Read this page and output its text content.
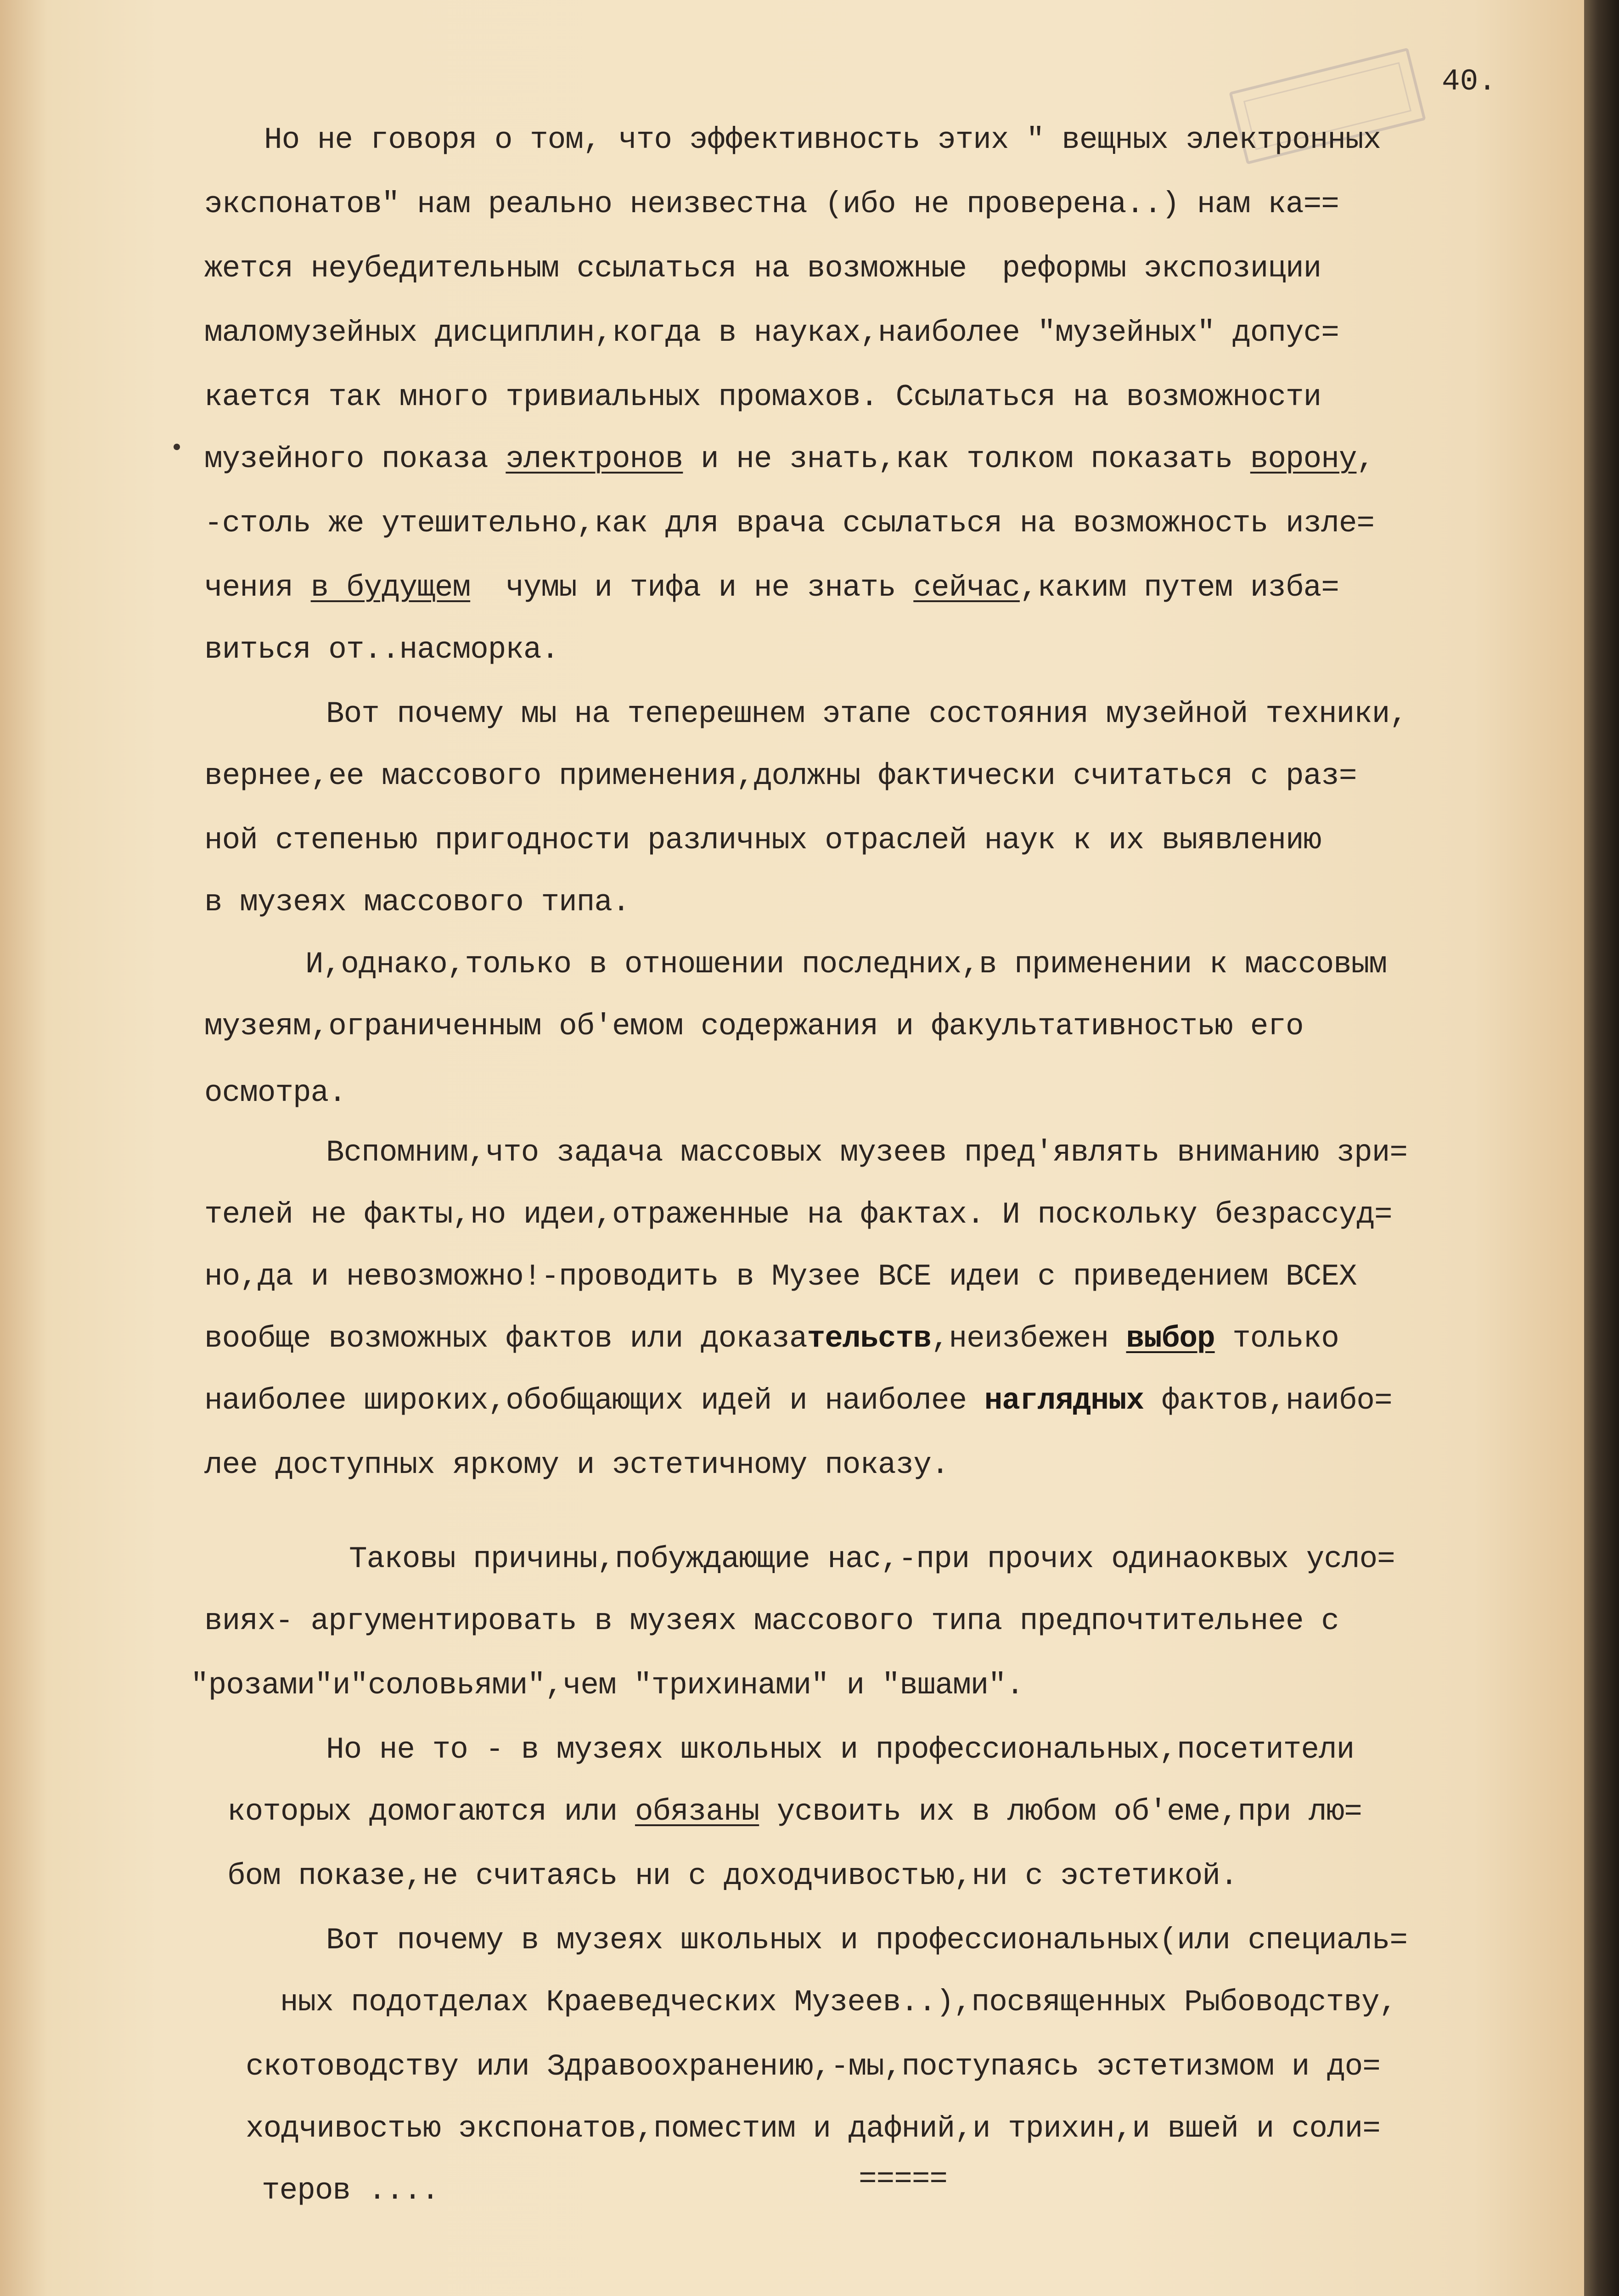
40.
Но не говоря о том, что эффективность этих " вещных электронных
экспонатов" нам реально неизвестна (ибо не проверена..) нам ка==
жется неубедительным ссылаться на возможные  реформы экспозиции
маломузейных дисциплин,когда в науках,наиболее "музейных" допус=
кается так много тривиальных промахов. Ссылаться на возможности
музейного показа электронов и не знать,как толком показать ворону,
-столь же утешительно,как для врача ссылаться на возможность изле=
чения в будущем  чумы и тифа и не знать сейчас,каким путем изба=
виться от..насморка.
Вот почему мы на теперешнем этапе состояния музейной техники,
вернее,ее массового применения,должны фактически считаться с раз=
ной степенью пригодности различных отраслей наук к их выявлению
в музеях массового типа.
И,однако,только в отношении последних,в применении к массовым
музеям,ограниченным об'емом содержания и факультативностью его
осмотра.
Вспомним,что задача массовых музеев пред'являть вниманию зри=
телей не факты,но идеи,отраженные на фактах. И поскольку безрассуд=
но,да и невозможно!-проводить в Музее ВСЕ идеи с приведением ВСЕХ
вообще возможных фактов или доказательств,неизбежен выбор только
наиболее широких,обобщающих идей и наиболее наглядных фактов,наибо=
лее доступных яркому и эстетичному показу.
Таковы причины,побуждающие нас,-при прочих одинаоквых усло=
виях- аргументировать в музеях массового типа предпочтительнее с
"розами"и"соловьями",чем "трихинами" и "вшами".
Но не то - в музеях школьных и профессиональных,посетители
которых домогаются или обязаны усвоить их в любом об'еме,при лю=
бом показе,не считаясь ни с доходчивостью,ни с эстетикой.
Вот почему в музеях школьных и профессиональных(или специаль=
ных подотделах Краеведческих Музеев..),посвященных Рыбоводству,
скотоводству или Здравоохранению,-мы,поступаясь эстетизмом и до=
ходчивостью экспонатов,поместим и дафний,и трихин,и вшей и соли=
теров ....	=====
